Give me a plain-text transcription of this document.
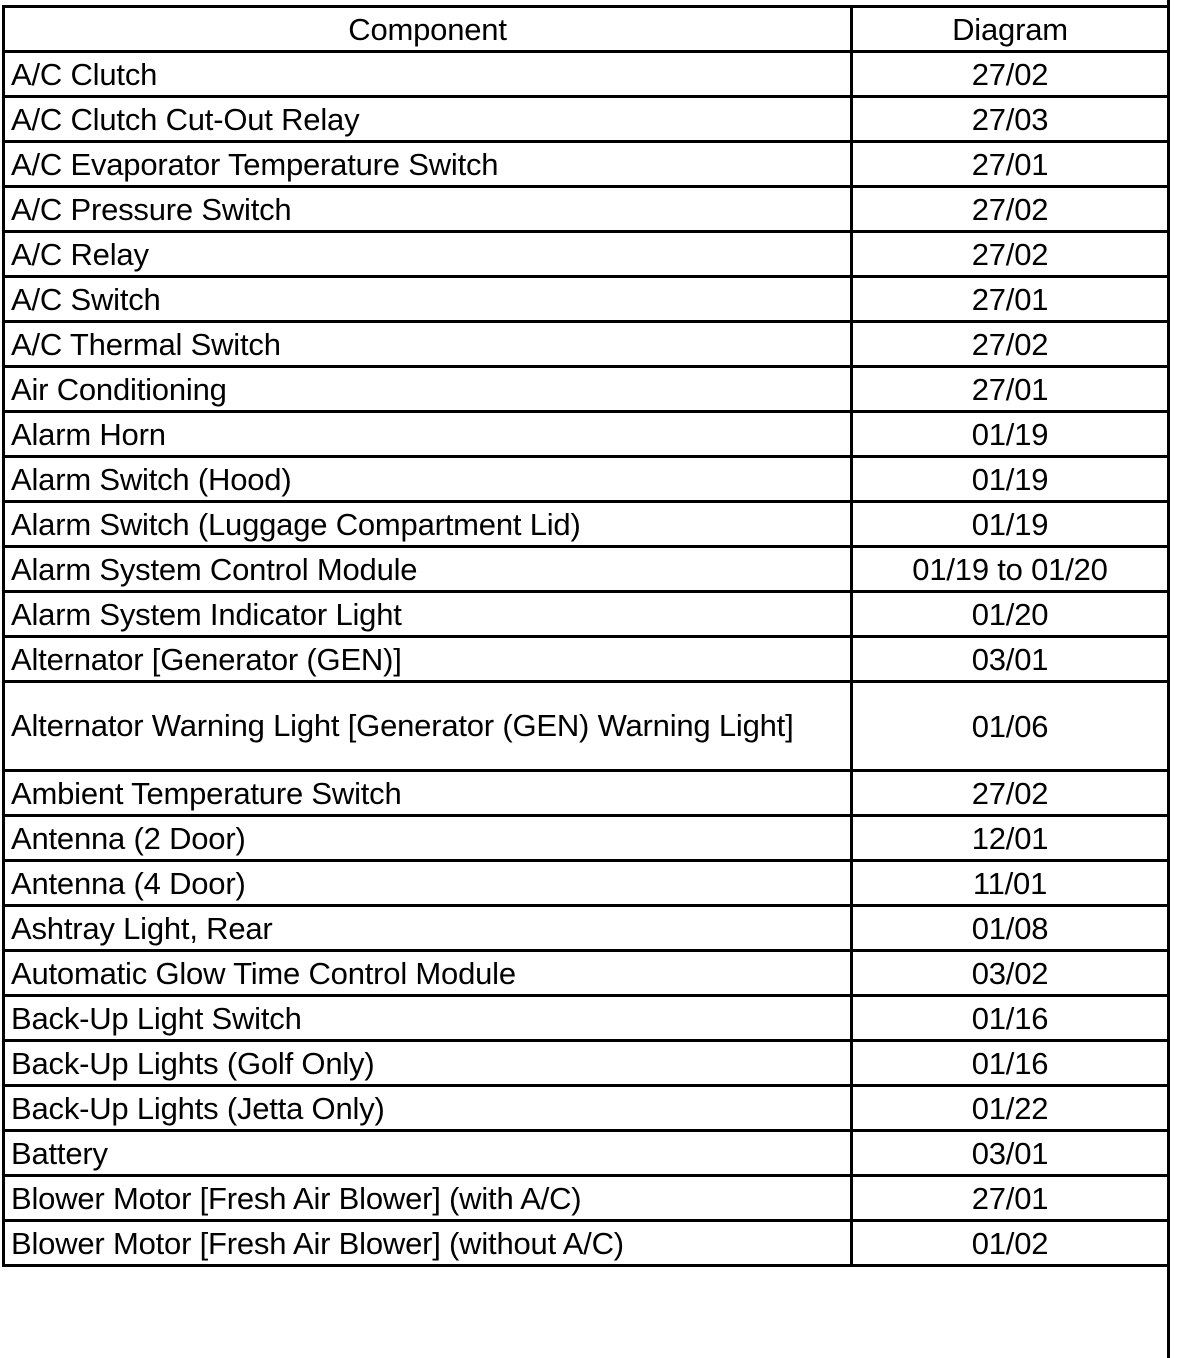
Component	Diagram
A/C Clutch	27/02
A/C Clutch Cut-Out Relay	27/03
A/C Evaporator Temperature Switch	27/01
A/C Pressure Switch	27/02
A/C Relay	27/02
A/C Switch	27/01
A/C Thermal Switch	27/02
Air Conditioning	27/01
Alarm Horn	01/19
Alarm Switch (Hood)	01/19
Alarm Switch (Luggage Compartment Lid)	01/19
Alarm System Control Module	01/19 to 01/20
Alarm System Indicator Light	01/20
Alternator [Generator (GEN)]	03/01
Alternator Warning Light [Generator (GEN) Warning Light]	01/06
Ambient Temperature Switch	27/02
Antenna (2 Door)	12/01
Antenna (4 Door)	11/01
Ashtray Light, Rear	01/08
Automatic Glow Time Control Module	03/02
Back-Up Light Switch	01/16
Back-Up Lights (Golf Only)	01/16
Back-Up Lights (Jetta Only)	01/22
Battery	03/01
Blower Motor [Fresh Air Blower] (with A/C)	27/01
Blower Motor [Fresh Air Blower] (without A/C)	01/02
